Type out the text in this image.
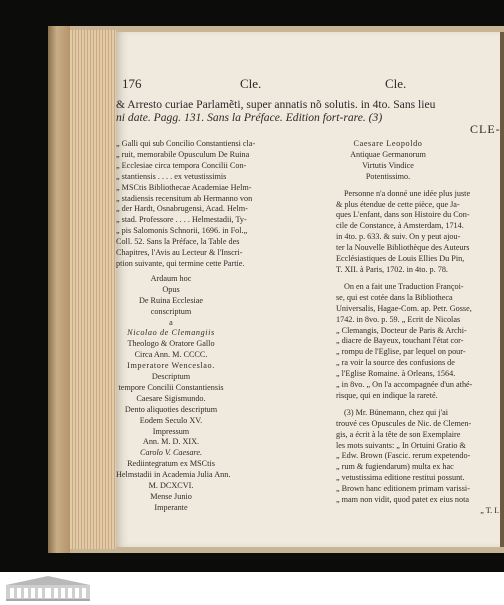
176	Cle.	Cle.
& Arresto curiae Parlamẽti, super annatis nõ solutis. in 4to. Sans lieu
ni date. Pagg. 131. Sans la Préface. Edition fort-rare. (3)
CLE-
„ Galli qui sub Concilio Constantiensi cla-
„ ruit, memorabile Opusculum De Ruina
„ Ecclesiae circa tempora Concilii Con-
„ stantiensis . . . . ex vetustissimis
„ MSCtis Bibliothecae Academiae Helm-
„ stadiensis recensitum ab Hermanno von
„ der Hardt, Osnabrugensi, Acad. Helm-
„ stad. Professore . . . . Helmestadii, Ty-
„ pis Salomonis Schnorii, 1696. in Fol.„
Coll. 52. Sans la Préface, la Table des
Chapitres, l'Avis au Lecteur & l'Inscri-
ption suivante, qui termine cette Partie.
Ardaum hoc
Opus
De Ruina Ecclesiae
conscriptum
a
Nicolao de Clemangiis
Theologo & Oratore Gallo
Circa Ann. M. CCCC.
Imperatore Wenceslao.
Descriptum
tempore Concilii Constantiensis
Caesare Sigismundo.
Dento aliquoties descriptum
Eodem Seculo XV.
Impressum
Ann. M. D. XIX.
Carolo V. Caesare.
Rediintegratum ex MSCtis
Helmstadii in Academia Julia Ann.
M. DCXCVI.
Mense Junio
Imperante
Caesare Leopoldo
Antiquae Germanorum
Virtutis Vindice
Potentissimo.
Personne n'a donné une idée plus juste
& plus étendue de cette pièce, que Ja-
ques L'enfant, dans son Histoire du Con-
cile de Constance, à Amsterdam, 1714.
in 4to. p. 633. & suiv. On y peut ajou-
ter la Nouvelle Bibliothèque des Auteurs
Ecclésiastiques de Louis Ellies Du Pin,
T. XII. à Paris, 1702. in 4to. p. 78.
On en a fait une Traduction Françoi-
se, qui est cotée dans la Bibliotheca
Universalis, Hagae-Com. ap. Petr. Gosse,
1742. in 8vo. p. 59. „ Ecrit de Nicolas
„ Clemangis, Docteur de Paris & Archi-
„ diacre de Bayeux, touchant l'état cor-
„ rompu de l'Eglise, par lequel on pour-
„ ra voir la source des confusions de
„ l'Eglise Romaine. à Orleans, 1564.
„ in 8vo. „ On l'a accompagnée d'un athé-
risque, qui en indique la rareté.
(3) Mr. Bünemann, chez qui j'ai
trouvé ces Opuscules de Nic. de Clemen-
gis, a écrit à la tête de son Exemplaire
les mots suivants: „ In Ortuini Gratio &
„ Edw. Brown (Fascic. rerum expetendo-
„ rum & fugiendarum) multa ex hac
„ vetustissima editione restitui possunt.
„ Brown hanc editionem primam varissi-
„ mam non vidit, quod patet ex eius nota
„ T. I.
